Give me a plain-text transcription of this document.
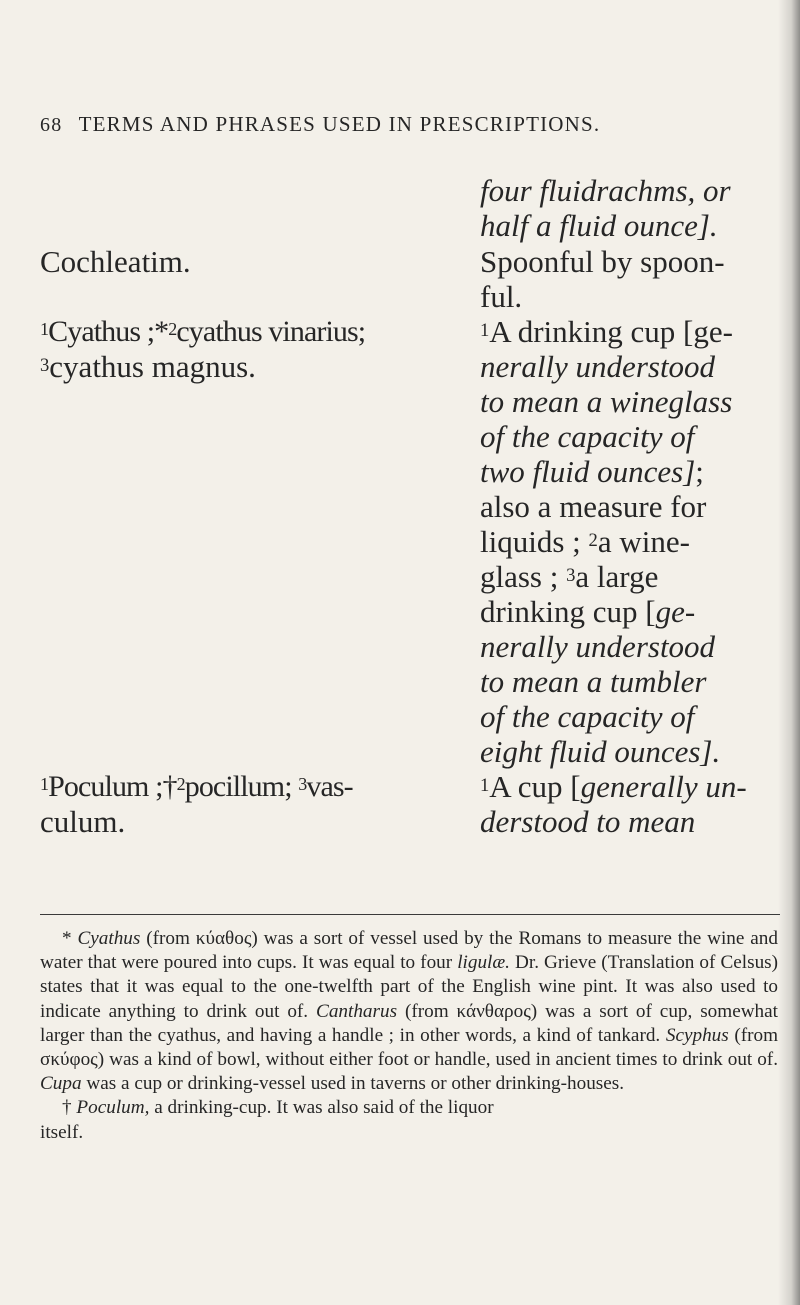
68 TERMS AND PHRASES USED IN PRESCRIPTIONS.
four fluidrachms, or
half a fluid ounce].
Cochleatim.	Spoonful by spoon-
ful.
$^1$Cyathus ;*$^2$cyathus vinarius;
$^3$cyathus magnus.
$^1$A drinking cup [ge-
nerally understood
to mean a wineglass
of the capacity of
two fluid ounces];
also a measure for
liquids ; $^2$a wine-
glass ; $^3$a large
drinking cup [ge-
nerally understood
to mean a tumbler
of the capacity of
eight fluid ounces].
$^1$Poculum ;†$^2$pocillum; $^3$vas-
culum.
$^1$A cup [generally un-
derstood to mean

* Cyathus (from κύαθος) was a sort of vessel used by the Romans to measure the wine and water that were poured into cups. It was equal to four ligulæ. Dr. Grieve (Translation of Celsus) states that it was equal to the one-twelfth part of the English wine pint. It was also used to indicate anything to drink out of. Cantharus (from κάνθαρος) was a sort of cup, somewhat larger than the cyathus, and having a handle ; in other words, a kind of tankard. Scyphus (from σκύφος) was a kind of bowl, without either foot or handle, used in ancient times to drink out of. Cupa was a cup or drinking-vessel used in taverns or other drinking-houses.

† Poculum, a drinking-cup. It was also said of the liquor

itself.
